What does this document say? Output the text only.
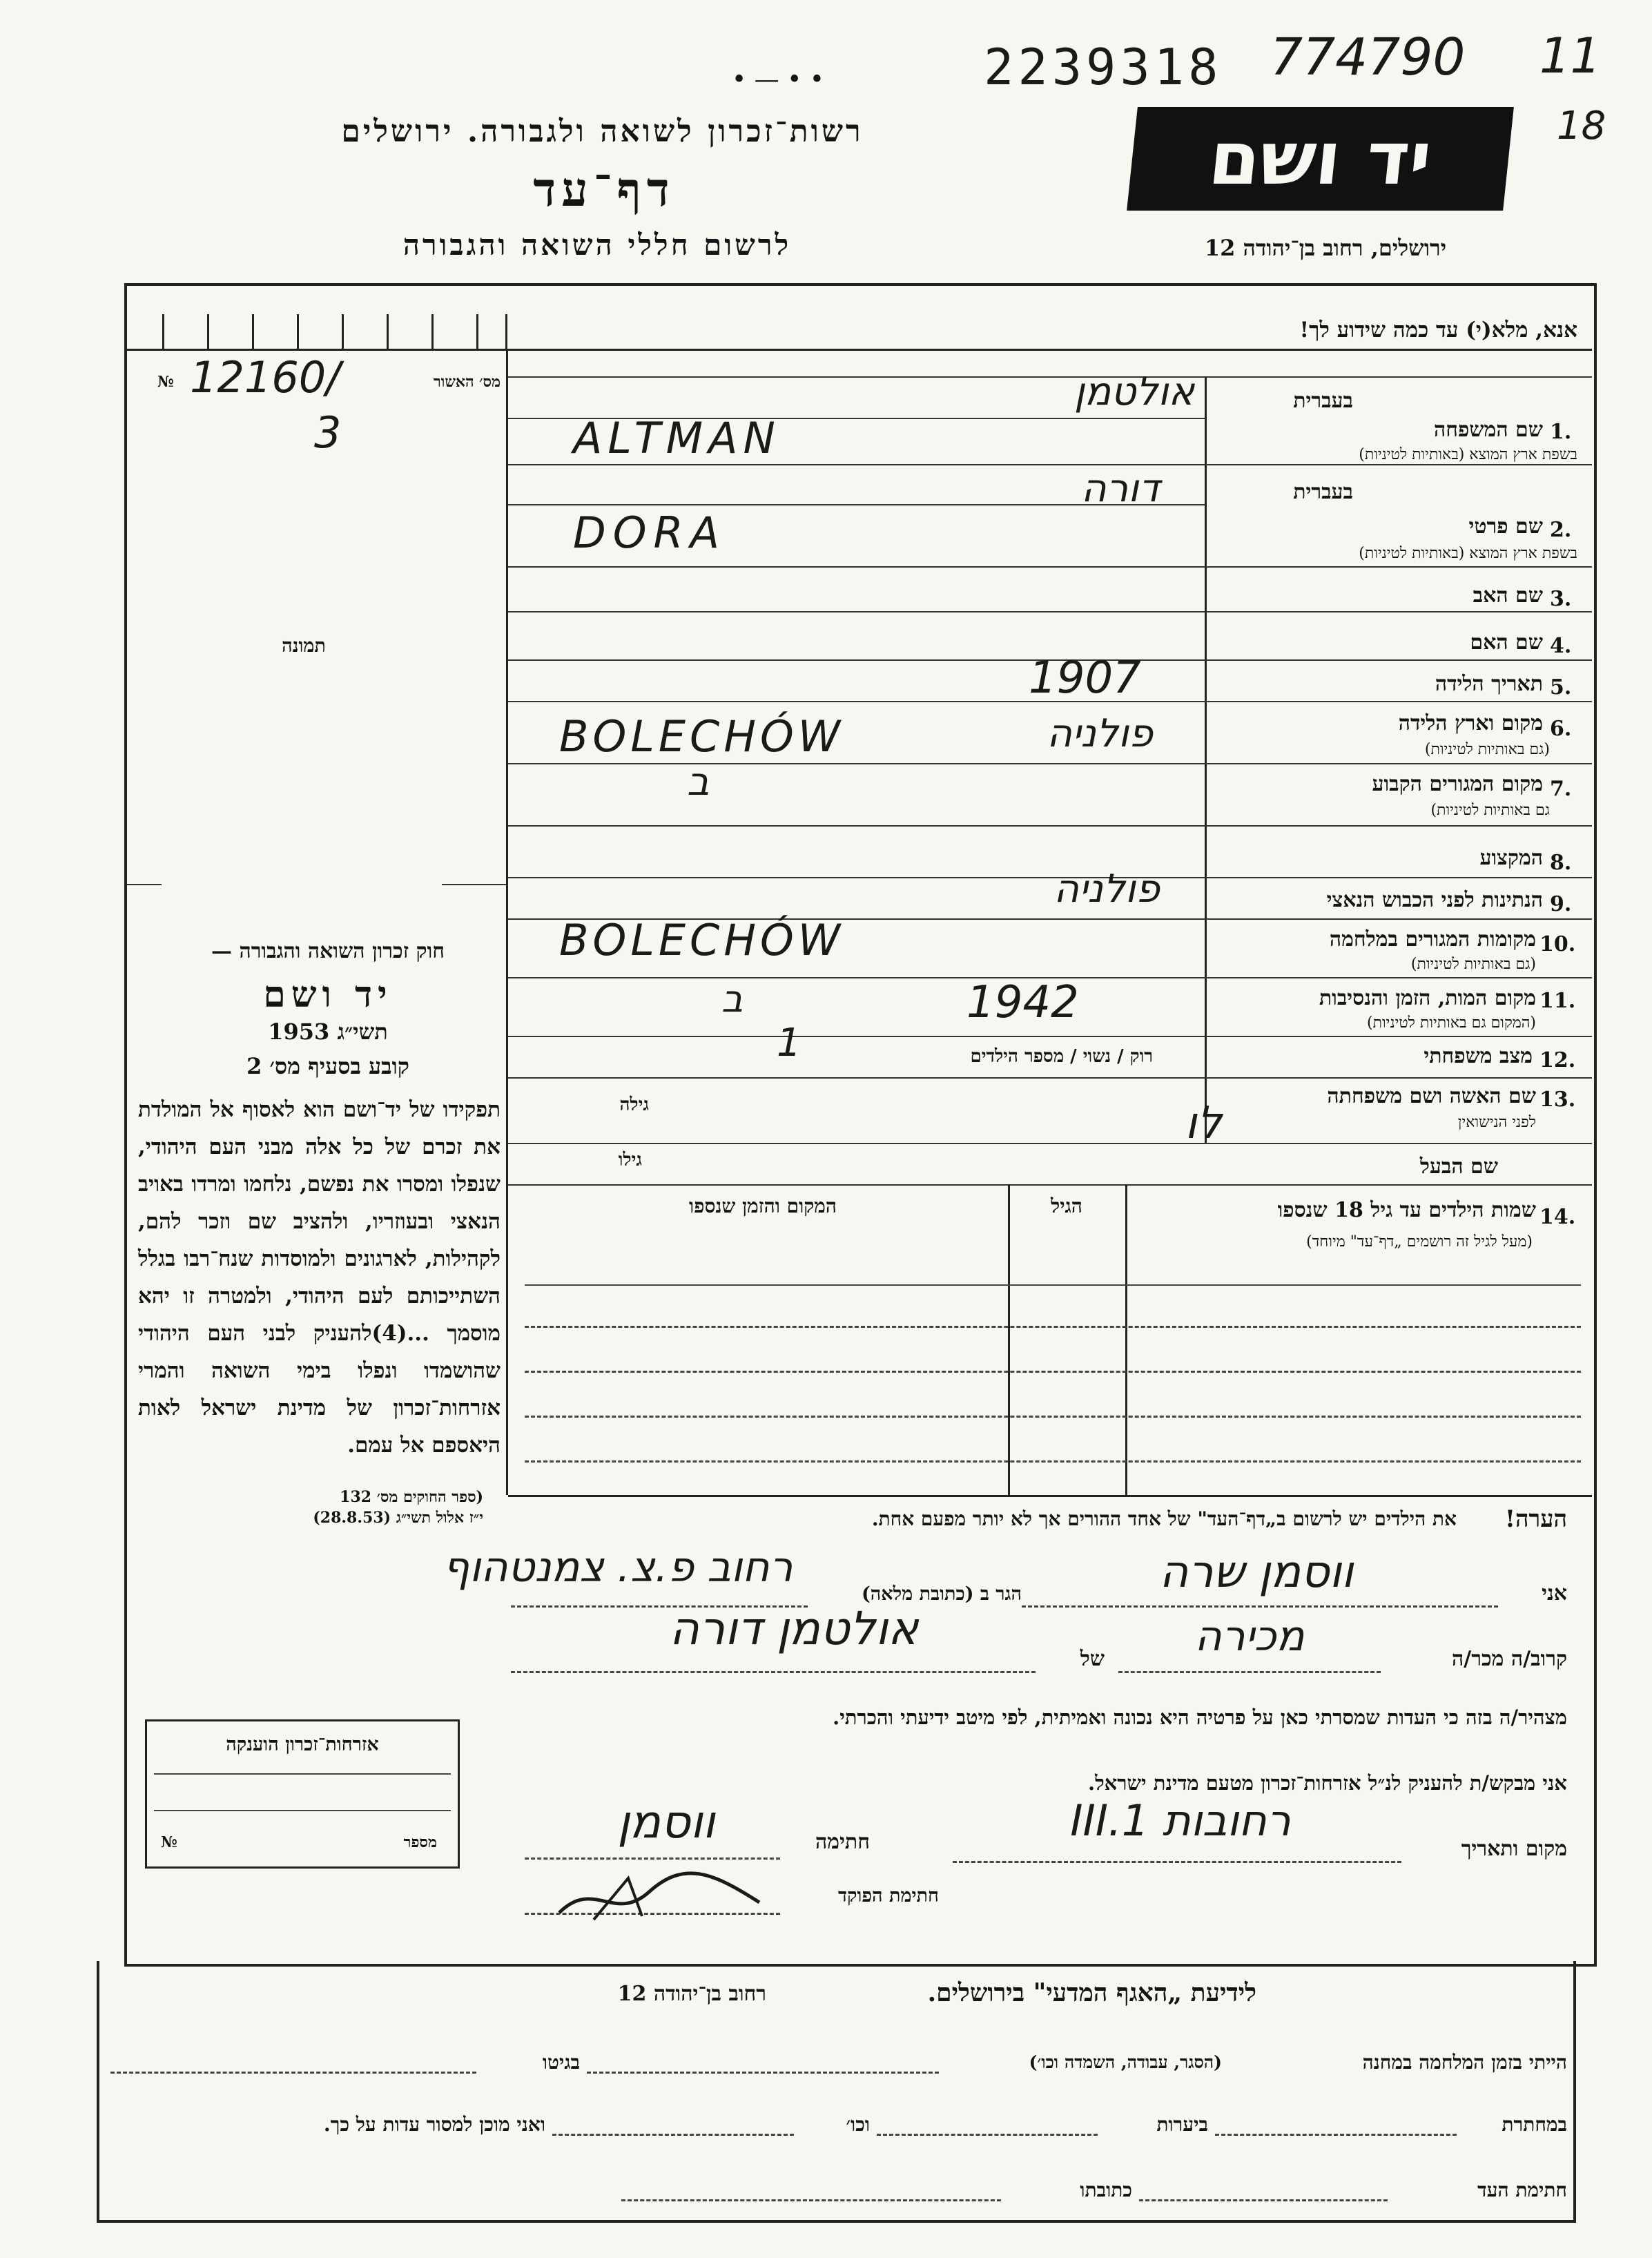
2239318 774790 11
18
• — • •
רשות־זכרון לשואה ולגבורה. ירושלים
דף־עד
לרשום חללי השואה והגבורה
יד ושם
ירושלים, רחוב בן־יהודה 12
אנא, מלא(י) עד כמה שידוע לך!
מס׳ האשור
№ 12160/
3
תמונה
בעברית
1.
שם המשפחה
בשפת ארץ המוצא (באותיות לטיניות)
אולטמן
ALTMAN
בעברית
2.
שם פרטי
בשפת ארץ המוצא (באותיות לטיניות)
דורה
DORA
3.
שם האב
4.
שם האם
5.
תאריך הלידה
1907
6.
מקום וארץ הלידה
(גם באותיות לטיניות)
פולניה
BOLECHÓW
7.
מקום המגורים הקבוע
גם באותיות לטיניות)
ב
8.
המקצוע
9.
הנתינות לפני הכבוש הנאצי
פולניה
10.
מקומות המגורים במלחמה
(גם באותיות לטיניות)
BOLECHÓW
11.
מקום המות, הזמן והנסיבות
(המקום גם באותיות לטיניות)
ב	1942
12.
מצב משפחתי
רוק / נשוי / מספר הילדים
1
13.
שם האשה ושם משפחתה
לפני הנישואין
גילה
שם הבעל
גילו
לו
14.
שמות הילדים עד גיל 18 שנספו
(מעל לגיל זה רושמים „דף־עד" מיוחד)
הגיל
המקום והזמן שנספו
חוק זכרון השואה והגבורה —
יד ושם
תשי״ג 1953
קובע בסעיף מס׳ 2
תפקידו של יד־ושם הוא לאסוף אל המולדת את זכרם של כל אלה מבני העם היהודי, שנפלו ומסרו את נפשם, נלחמו ומרדו באויב הנאצי ובעוזריו, ולהציב שם וזכר להם, לקהילות, לארגונים ולמוסדות שנח־רבו בגלל השתייכותם לעם היהודי, ולמטרה זו יהא מוסמך ...(4)להעניק לבני העם היהודי שהושמדו ונפלו בימי השואה והמרי אזרחות־זכרון של מדינת ישראל לאות היאספם אל עמם.
(ספר החוקים מס׳ 132
י״ז אלול תשי״ג (28.8.53)	הערה!
את הילדים יש לרשום ב„דף־העד" של אחד ההורים אך לא יותר מפעם אחת.
אני
ווסמן שרה
הגר ב (כתובת מלאה)
רחוב פ.צ. צמנטהוף
קרוב/ה מכר/ה
מכירה
של
אולטמן דורה
מצהיר/ה בזה כי העדות שמסרתי כאן על פרטיה היא נכונה ואמיתית, לפי מיטב ידיעתי והכרתי.
אני מבקש/ת להעניק לנ״ל אזרחות־זכרון מטעם מדינת ישראל.
מקום ותאריך
רחובות 1.III
חתימה
ווסמן
חתימת הפוקד
אזרחות־זכרון הוענקה
מספר
№
לידיעת „האגף המדעי" בירושלים.
רחוב בן־יהודה 12
הייתי בזמן המלחמה במחנה
(הסגר, עבודה, השמדה וכו׳)
בגיטו
במחתרת
ביערות
וכו׳
ואני מוכן למסור עדות על כך.
חתימת העד
כתובתו
